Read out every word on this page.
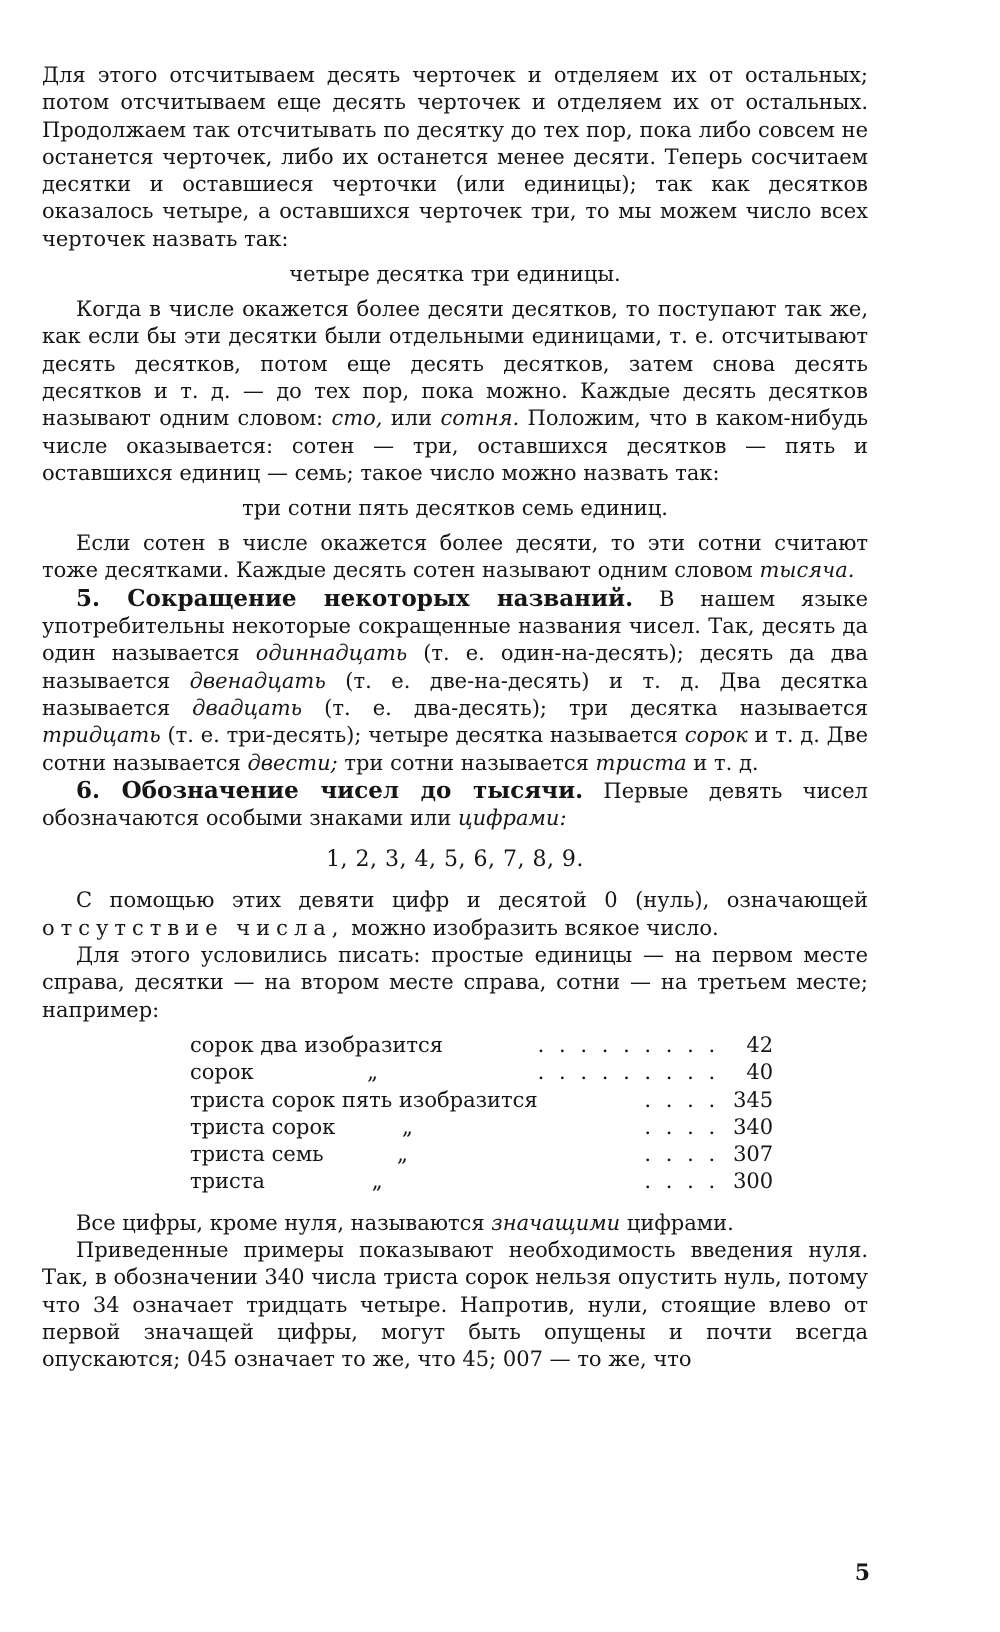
Для этого отсчитываем десять черточек и отделяем их от остальных; потом отсчитываем еще десять черточек и отделяем их от остальных. Продолжаем так отсчитывать по десятку до тех пор, пока либо совсем не останется черточек, либо их останется менее десяти. Теперь сосчитаем десятки и оставшиеся черточки (или единицы); так как десятков оказалось четыре, а оставшихся черточек три, то мы можем число всех черточек назвать так:

четыре десятка три единицы.

Когда в числе окажется более десяти десятков, то поступают так же, как если бы эти десятки были отдельными единицами, т. е. отсчитывают десять десятков, потом еще десять десятков, затем снова десять десятков и т. д. — до тех пор, пока можно. Каждые десять десятков называют одним словом: сто, или сотня. Положим, что в каком-нибудь числе оказывается: сотен — три, оставшихся десятков — пять и оставшихся единиц — семь; такое число можно назвать так:

три сотни пять десятков семь единиц.

Если сотен в числе окажется более десяти, то эти сотни считают тоже десятками. Каждые десять сотен называют одним словом тысяча.

5. Сокращение некоторых названий. В нашем языке употребительны некоторые сокращенные названия чисел. Так, десять да один называется одиннадцать (т. е. один-на-десять); десять да два называется двенадцать (т. е. две-на-десять) и т. д. Два десятка называется двадцать (т. е. два-десять); три десятка называется тридцать (т. е. три-десять); четыре десятка называется сорок и т. д. Две сотни называется двести; три сотни называется триста и т. д.

6. Обозначение чисел до тысячи. Первые девять чисел обозначаются особыми знаками или цифрами:

1, 2, 3, 4, 5, 6, 7, 8, 9.

С помощью этих девяти цифр и десятой 0 (нуль), означающей отсутствие числа, можно изобразить всякое число.

Для этого условились писать: простые единицы — на первом месте справа, десятки — на втором месте справа, сотни — на третьем месте; например:

сорок два изобразится	. . . . . . . . .	42
сорок                 „	. . . . . . . . .	40
триста сорок пять изобразится	. . . .	345
триста сорок          „	. . . .	340
триста семь           „	. . . .	307
триста                „	. . . .	300

Все цифры, кроме нуля, называются значащими цифрами.

Приведенные примеры показывают необходимость введения нуля. Так, в обозначении 340 числа триста сорок нельзя опустить нуль, потому что 34 означает тридцать четыре. Напротив, нули, стоящие влево от первой значащей цифры, могут быть опущены и почти всегда опускаются; 045 означает то же, что 45; 007 — то же, что

5
